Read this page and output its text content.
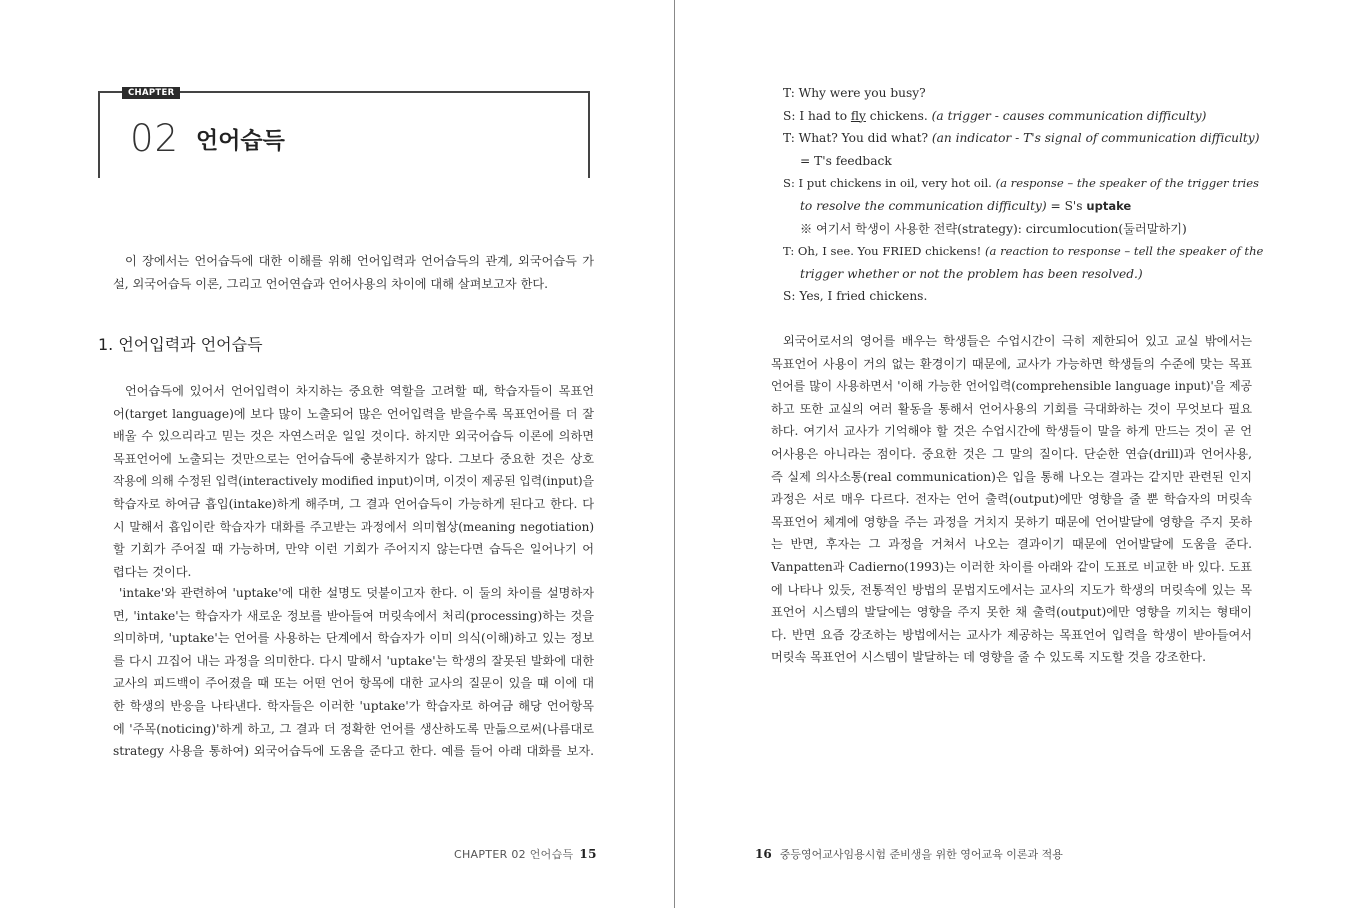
CHAPTER
02 언어습득
이 장에서는 언어습득에 대한 이해를 위해 언어입력과 언어습득의 관계, 외국어습득 가
설, 외국어습득 이론, 그리고 언어연습과 언어사용의 차이에 대해 살펴보고자 한다.
1. 언어입력과 언어습득
언어습득에 있어서 언어입력이 차지하는 중요한 역할을 고려할 때, 학습자들이 목표언
어(target language)에 보다 많이 노출되어 많은 언어입력을 받을수록 목표언어를 더 잘
배울 수 있으리라고 믿는 것은 자연스러운 일일 것이다. 하지만 외국어습득 이론에 의하면
목표언어에 노출되는 것만으로는 언어습득에 충분하지가 않다. 그보다 중요한 것은 상호
작용에 의해 수정된 입력(interactively modified input)이며, 이것이 제공된 입력(input)을
학습자로 하여금 흡입(intake)하게 해주며, 그 결과 언어습득이 가능하게 된다고 한다. 다
시 말해서 흡입이란 학습자가 대화를 주고받는 과정에서 의미협상(meaning negotiation)
할 기회가 주어질 때 가능하며, 만약 이런 기회가 주어지지 않는다면 습득은 일어나기 어
렵다는 것이다.
'intake'와 관련하여 'uptake'에 대한 설명도 덧붙이고자 한다. 이 둘의 차이를 설명하자
면, 'intake'는 학습자가 새로운 정보를 받아들여 머릿속에서 처리(processing)하는 것을
의미하며, 'uptake'는 언어를 사용하는 단계에서 학습자가 이미 의식(이해)하고 있는 정보
를 다시 끄집어 내는 과정을 의미한다. 다시 말해서 'uptake'는 학생의 잘못된 발화에 대한
교사의 피드백이 주어졌을 때 또는 어떤 언어 항목에 대한 교사의 질문이 있을 때 이에 대
한 학생의 반응을 나타낸다. 학자들은 이러한 'uptake'가 학습자로 하여금 해당 언어항목
에 '주목(noticing)'하게 하고, 그 결과 더 정확한 언어를 생산하도록 만듦으로써(나름대로
strategy 사용을 통하여) 외국어습득에 도움을 준다고 한다. 예를 들어 아래 대화를 보자.
CHAPTER 02 언어습득 15
T: Why were you busy?
S: I had to fly chickens. (a trigger - causes communication difficulty)
T: What? You did what? (an indicator - T's signal of communication difficulty)
= T's feedback
S: I put chickens in oil, very hot oil. (a response – the speaker of the trigger tries
to resolve the communication difficulty) = S's uptake
※ 여기서 학생이 사용한 전략(strategy): circumlocution(둘러말하기)
T: Oh, I see. You FRIED chickens! (a reaction to response – tell the speaker of the
trigger whether or not the problem has been resolved.)
S: Yes, I fried chickens.
외국어로서의 영어를 배우는 학생들은 수업시간이 극히 제한되어 있고 교실 밖에서는
목표언어 사용이 거의 없는 환경이기 때문에, 교사가 가능하면 학생들의 수준에 맞는 목표
언어를 많이 사용하면서 '이해 가능한 언어입력(comprehensible language input)'을 제공
하고 또한 교실의 여러 활동을 통해서 언어사용의 기회를 극대화하는 것이 무엇보다 필요
하다. 여기서 교사가 기억해야 할 것은 수업시간에 학생들이 말을 하게 만드는 것이 곧 언
어사용은 아니라는 점이다. 중요한 것은 그 말의 질이다. 단순한 연습(drill)과 언어사용,
즉 실제 의사소통(real communication)은 입을 통해 나오는 결과는 같지만 관련된 인지
과정은 서로 매우 다르다. 전자는 언어 출력(output)에만 영향을 줄 뿐 학습자의 머릿속
목표언어 체계에 영향을 주는 과정을 거치지 못하기 때문에 언어발달에 영향을 주지 못하
는 반면, 후자는 그 과정을 거쳐서 나오는 결과이기 때문에 언어발달에 도움을 준다.
Vanpatten과 Cadierno(1993)는 이러한 차이를 아래와 같이 도표로 비교한 바 있다. 도표
에 나타나 있듯, 전통적인 방법의 문법지도에서는 교사의 지도가 학생의 머릿속에 있는 목
표언어 시스템의 발달에는 영향을 주지 못한 채 출력(output)에만 영향을 끼치는 형태이
다. 반면 요즘 강조하는 방법에서는 교사가 제공하는 목표언어 입력을 학생이 받아들여서
머릿속 목표언어 시스템이 발달하는 데 영향을 줄 수 있도록 지도할 것을 강조한다.
16 중등영어교사임용시험 준비생을 위한 영어교육 이론과 적용
